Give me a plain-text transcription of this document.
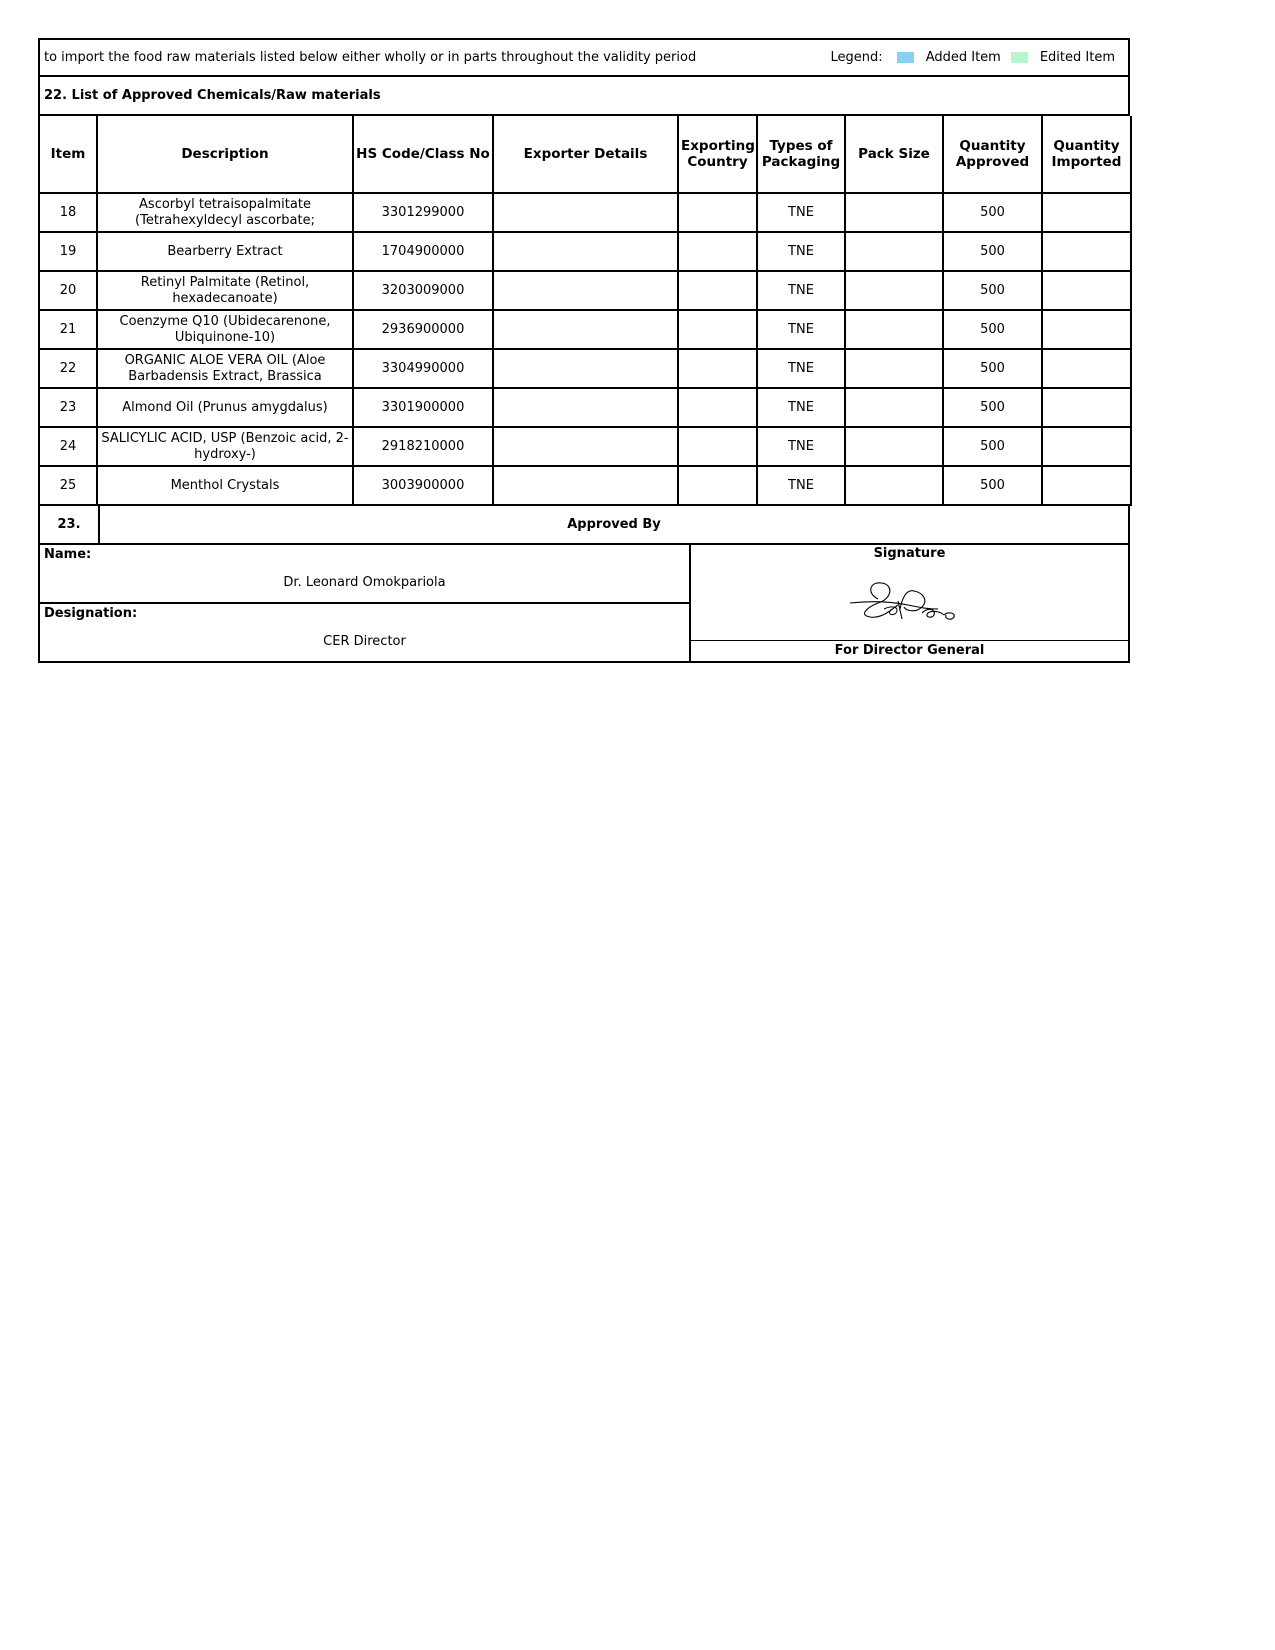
to import the food raw materials listed below either wholly or in parts throughout the validity period	Legend:	Added Item	Edited Item
22. List of Approved Chemicals/Raw materials
Item	Description	HS Code/Class No	Exporter Details	Exporting Country	Types of Packaging	Pack Size	Quantity Approved	Quantity Imported
18	Ascorbyl tetraisopalmitate (Tetrahexyldecyl ascorbate;	3301299000			TNE		500	
19	Bearberry Extract	1704900000			TNE		500	
20	Retinyl Palmitate (Retinol, hexadecanoate)	3203009000			TNE		500	
21	Coenzyme Q10 (Ubidecarenone, Ubiquinone-10)	2936900000			TNE		500	
22	ORGANIC ALOE VERA OIL (Aloe Barbadensis Extract, Brassica	3304990000			TNE		500	
23	Almond Oil (Prunus amygdalus)	3301900000			TNE		500	
24	SALICYLIC ACID, USP (Benzoic acid, 2-hydroxy-)	2918210000			TNE		500	
25	Menthol Crystals	3003900000			TNE		500	
23.	Approved By
Name:
Dr. Leonard Omokpariola
Designation:
CER Director
Signature
For Director General
